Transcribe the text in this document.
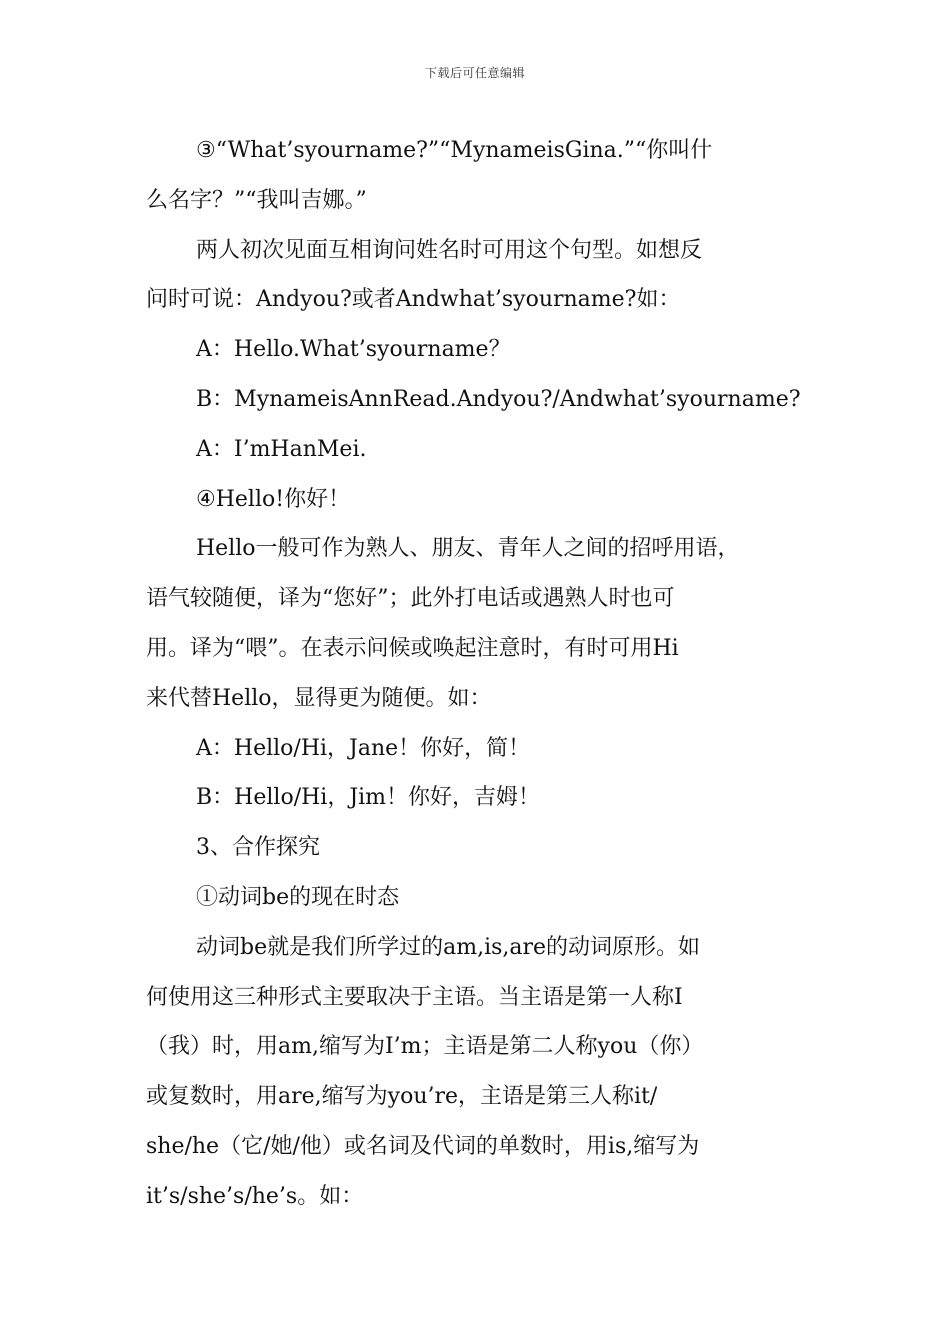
下载后可任意编辑
③“What’syourname?”“MynameisGina.”“你叫什
么名字？”“我叫吉娜。”
两人初次见面互相询问姓名时可用这个句型。如想反
问时可说：Andyou?或者Andwhat’syourname?如：
A：Hello.What’syourname？
B：MynameisAnnRead.Andyou?/Andwhat’syourname?
A：I’mHanMei.
④Hello!你好！
Hello一般可作为熟人、朋友、青年人之间的招呼用语，
语气较随便，译为“您好”；此外打电话或遇熟人时也可
用。译为“喂”。在表示问候或唤起注意时，有时可用Hi
来代替Hello，显得更为随便。如：
A：Hello/Hi，Jane！你好，简！
B：Hello/Hi，Jim！你好，吉姆！
3、合作探究
①动词be的现在时态
动词be就是我们所学过的am,is,are的动词原形。如
何使用这三种形式主要取决于主语。当主语是第一人称I
（我）时，用am,缩写为I’m；主语是第二人称you（你）
或复数时，用are,缩写为you’re，主语是第三人称it/
she/he（它/她/他）或名词及代词的单数时，用is,缩写为
it’s/she’s/he’s。如：
